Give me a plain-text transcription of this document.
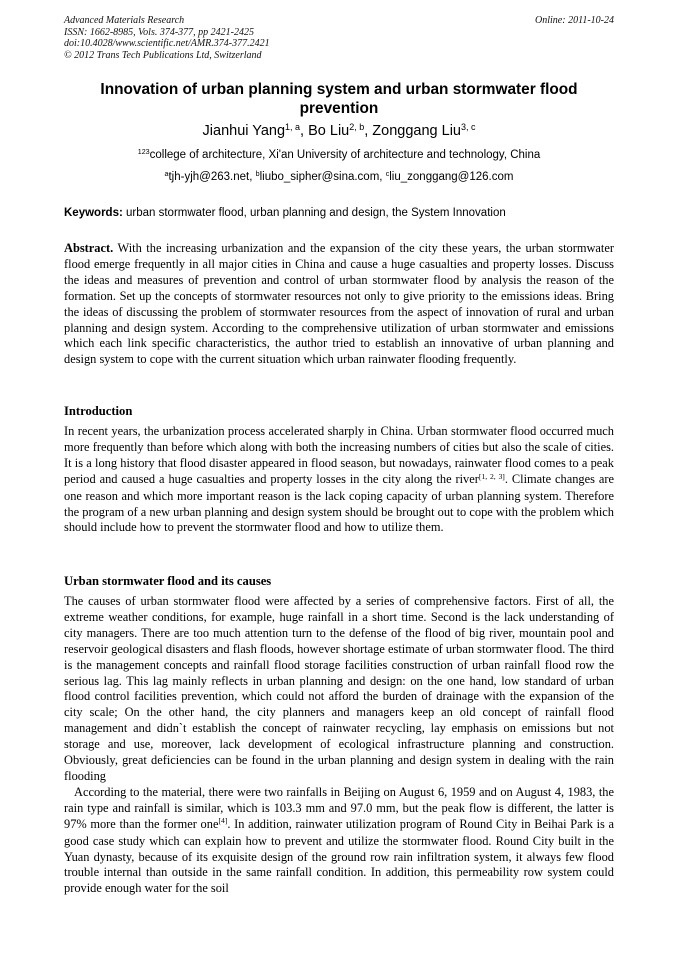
Advanced Materials Research
ISSN: 1662-8985, Vols. 374-377, pp 2421-2425
doi:10.4028/www.scientific.net/AMR.374-377.2421
© 2012 Trans Tech Publications Ltd, Switzerland
Online: 2011-10-24
Innovation of urban planning system and urban stormwater flood prevention
Jianhui Yang$^{1, a}$, Bo Liu$^{2, b}$, Zonggang Liu$^{3, c}$
$^{123}$college of architecture, Xi'an University of architecture and technology, China
$^a$tjh-yjh@263.net, $^b$liubo_sipher@sina.com, $^c$liu_zonggang@126.com
Keywords: urban stormwater flood, urban planning and design, the System Innovation

Abstract. With the increasing urbanization and the expansion of the city these years, the urban stormwater flood emerge frequently in all major cities in China and cause a huge casualties and property losses. Discuss the ideas and measures of prevention and control of urban stormwater flood by analysis the reason of the formation. Set up the concepts of stormwater resources not only to give priority to the emissions ideas. Bring the ideas of discussing the problem of stormwater resources from the aspect of innovation of rural and urban planning and design system. According to the comprehensive utilization of urban stormwater and emissions which each link specific characteristics, the author tried to establish an innovative of urban planning and design system to cope with the current situation which urban rainwater flooding frequently.

Introduction

In recent years, the urbanization process accelerated sharply in China. Urban stormwater flood occurred much more frequently than before which along with both the increasing numbers of cities but also the scale of cities. It is a long history that flood disaster appeared in flood season, but nowadays, rainwater flood comes to a peak period and caused a huge casualties and property losses in the city along the river[1, 2, 3]. Climate changes are one reason and which more important reason is the lack coping capacity of urban planning system. Therefore the program of a new urban planning and design system should be brought out to cope with the problem which should include how to prevent the stormwater flood and how to utilize them.

Urban stormwater flood and its causes

The causes of urban stormwater flood were affected by a series of comprehensive factors. First of all, the extreme weather conditions, for example, huge rainfall in a short time. Second is the lack understanding of city managers. There are too much attention turn to the defense of the flood of big river, mountain pool and reservoir geological disasters and flash floods, however shortage estimate of urban stormwater flood. The third is the management concepts and rainfall flood storage facilities construction of urban rainfall flood row the serious lag. This lag mainly reflects in urban planning and design: on the one hand, low standard of urban flood control facilities prevention, which could not afford the burden of drainage with the expansion of the city scale; On the other hand, the city planners and managers keep an old concept of rainfall flood management and didn`t establish the concept of rainwater recycling, lay emphasis on emissions but not storage and use, moreover, lack development of ecological infrastructure planning and construction. Obviously, great deficiencies can be found in the urban planning and design system in dealing with the rain flooding

According to the material, there were two rainfalls in Beijing on August 6, 1959 and on August 4, 1983, the rain type and rainfall is similar, which is 103.3 mm and 97.0 mm, but the peak flow is different, the latter is 97% more than the former one[4]. In addition, rainwater utilization program of Round City in Beihai Park is a good case study which can explain how to prevent and utilize the stormwater flood. Round City built in the Yuan dynasty, because of its exquisite design of the ground row rain infiltration system, it always few flood trouble internal than outside in the same rainfall condition. In addition, this permeability row system could provide enough water for the soil
